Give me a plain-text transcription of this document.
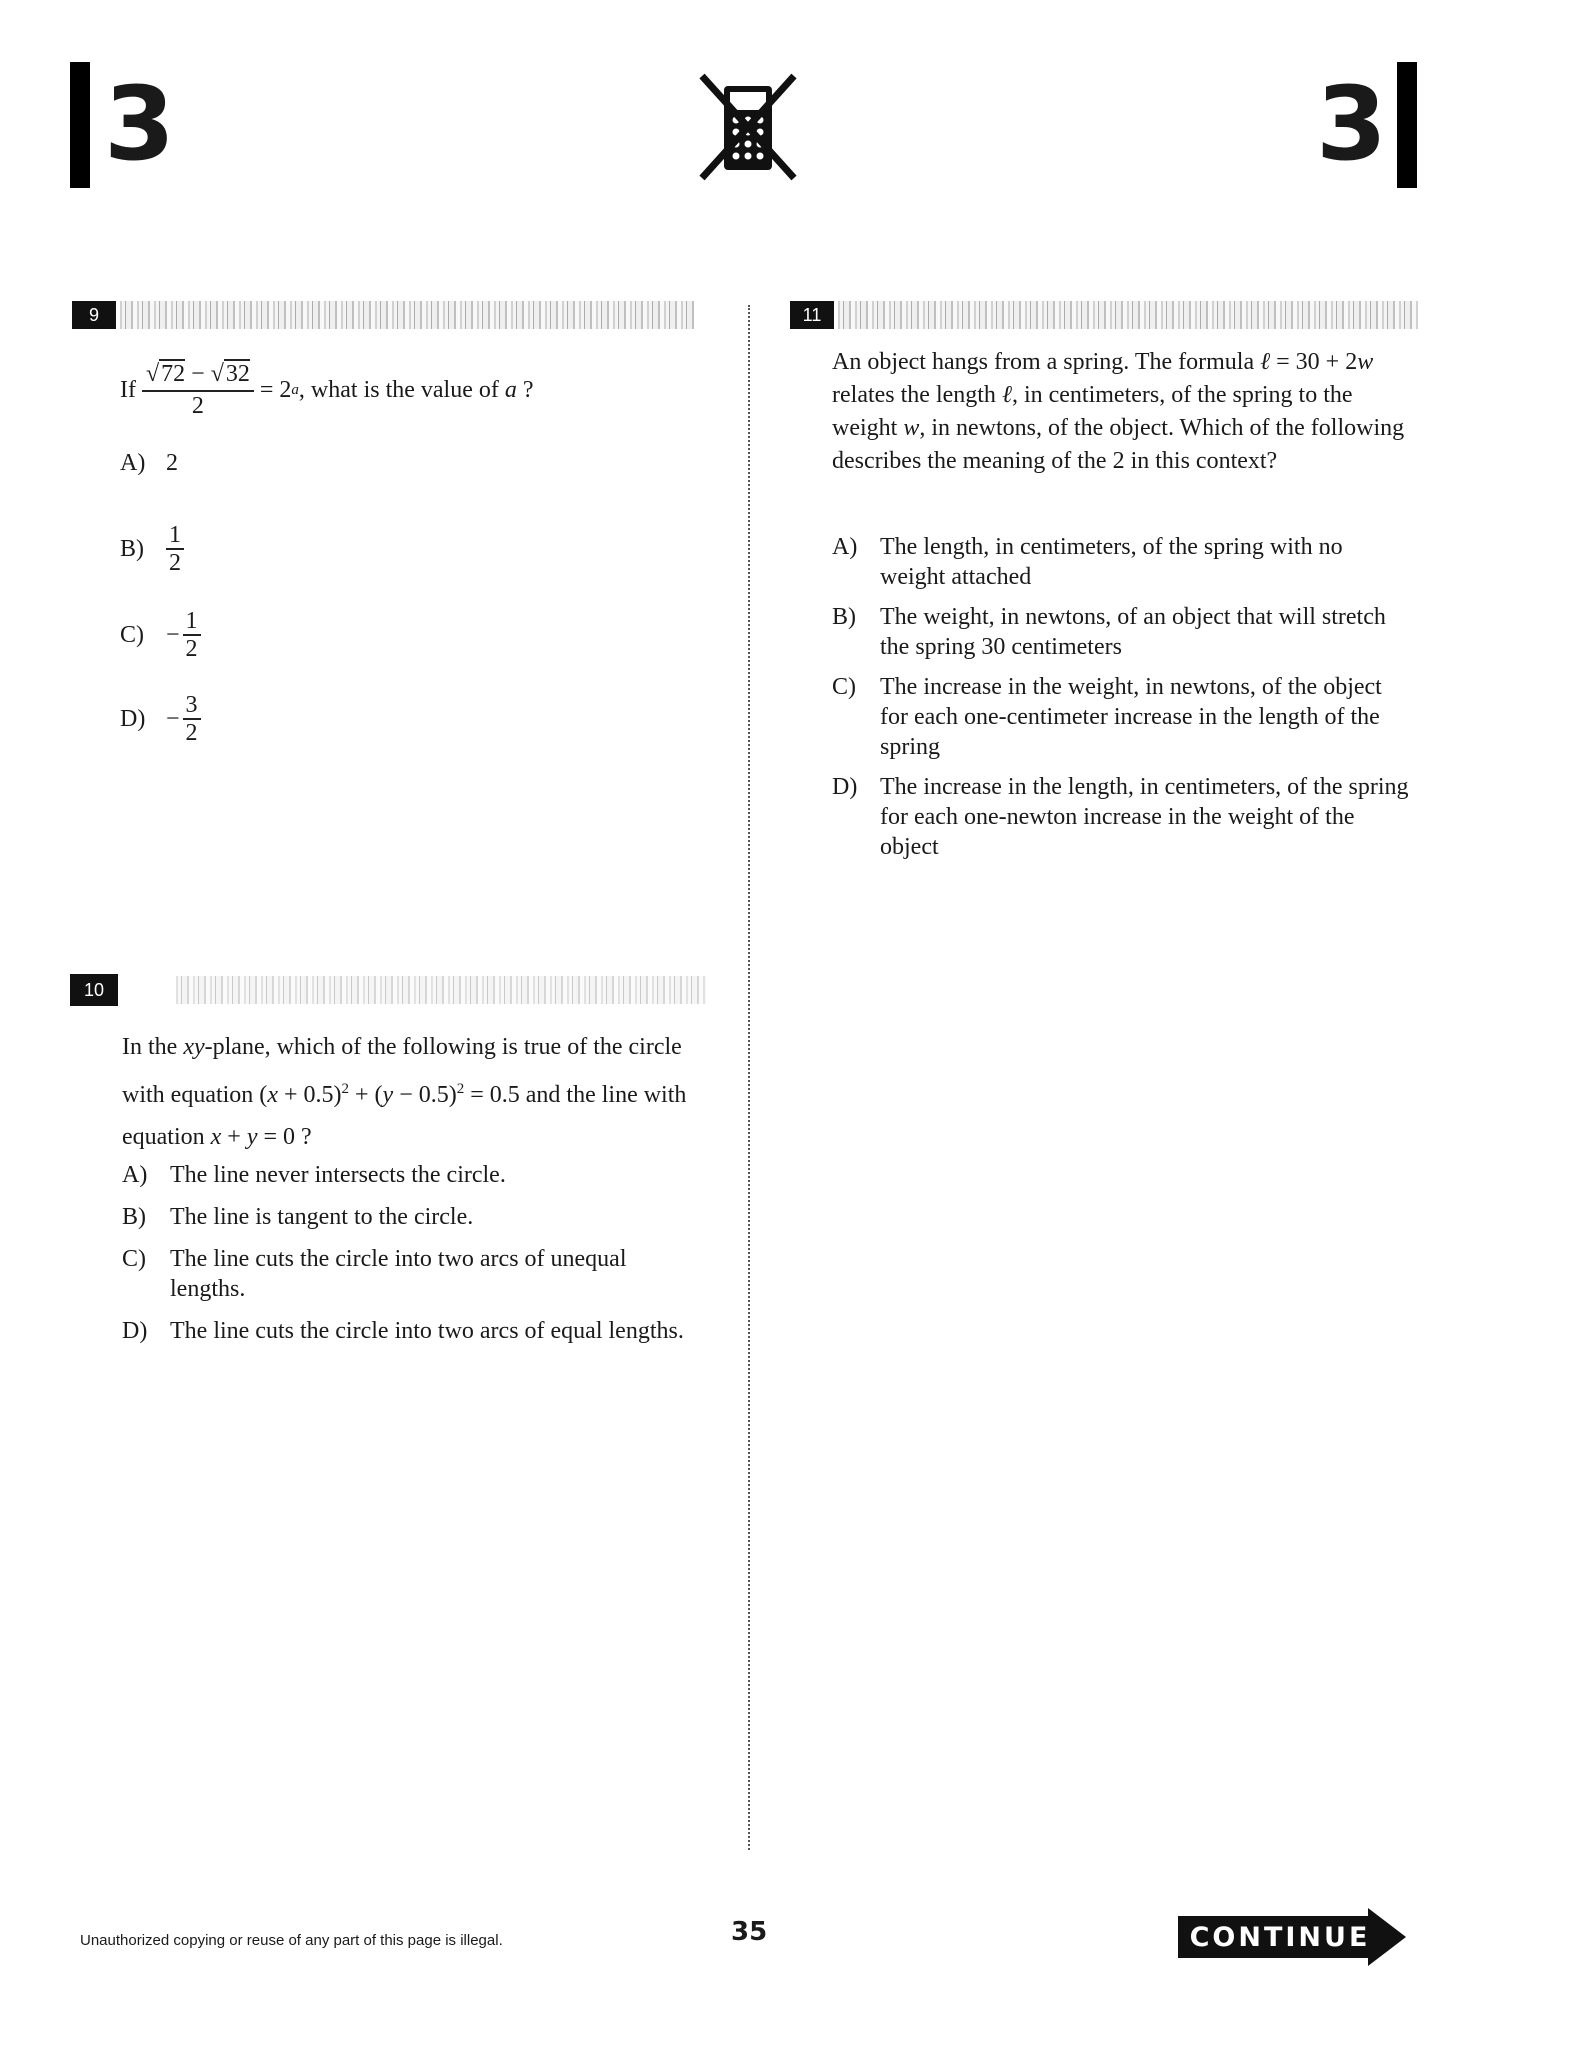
3	3
9
If $\frac{√72 - √32}{2} = 2$ a , what is the value of
a
?
A) 2
$B) \frac{1}{2}$
$C) - \frac{1}{2}$
$D) - \frac{3}{2}$
10
In the xy-plane, which of the following is true of the circle with equation $(x + 0.5)^2 + (y - 0.5)^2 = 0.5$ and the line with equation x + y = 0 ?
A) The line never intersects the circle.
B)	The line is tangent to the circle.
C)	The line cuts the circle into two arcs of unequal lengths.
D) The line cuts the circle into two arcs of equal lengths.
11
An object hangs from a spring. The formula ℓ = 30 + 2w relates the length ℓ, in centimeters, of the spring to the weight w, in newtons, of the object. Which of the following describes the meaning of the 2 in this context?
A) The length, in centimeters, of the spring with no weight attached
B)	The weight, in newtons, of an object that will stretch the spring 30 centimeters
C)	The increase in the weight, in newtons, of the object for each one-centimeter increase in the length of the spring
D) The increase in the length, in centimeters, of the spring for each one-newton increase in the weight of the object
Unauthorized copying or reuse of any part of this page is illegal.	35	CONTINUE
